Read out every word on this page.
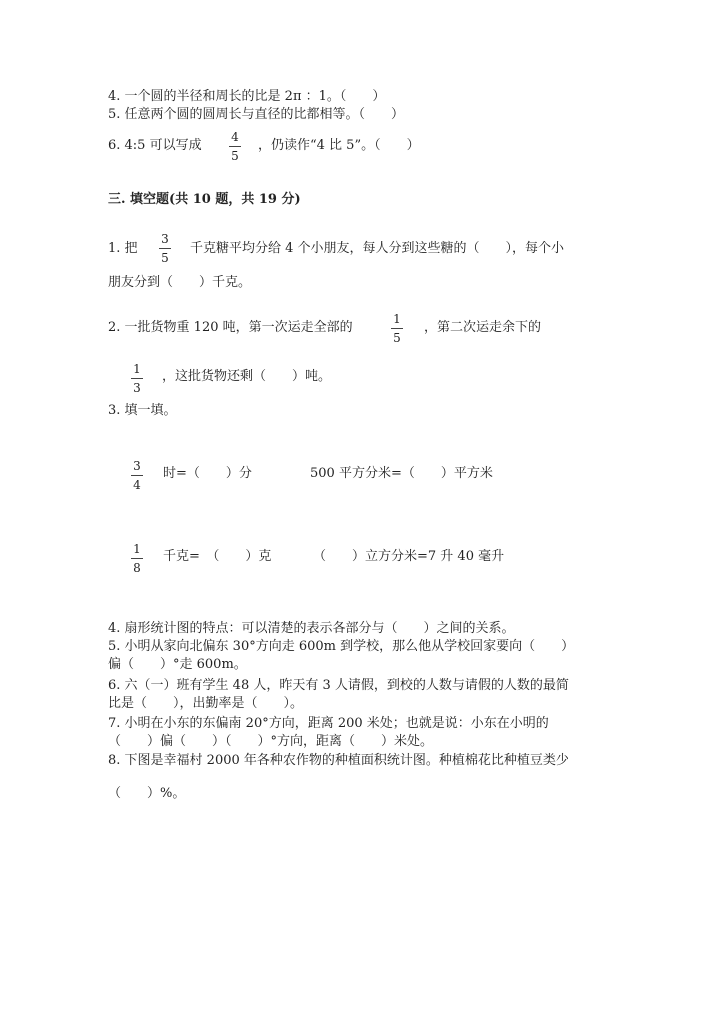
4. 一个圆的半径和周长的比是 2π ：1。（　　）
5. 任意两个圆的圆周长与直径的比都相等。（　　）
6. 4:5 可以写成
4
5
，仍读作“4 比 5”。（　　）
三. 填空题(共 10 题，共 19 分)
1. 把
3
5
千克糖平均分给 4 个小朋友，每人分到这些糖的（　　），每个小
朋友分到（　　）千克。
2. 一批货物重 120 吨，第一次运走全部的
1
5
，第二次运走余下的
1
3
，这批货物还剩（　　）吨。
3. 填一填。
3
4
时=（　　）分	500 平方分米=（　　）平方米
1
8
千克=　（　　）克	（　　）立方分米=7 升 40 毫升
4. 扇形统计图的特点：可以清楚的表示各部分与（　　）之间的关系。
5. 小明从家向北偏东 30°方向走 600m 到学校，那么他从学校回家要向（　　）
偏（　　）°走 600m。
6. 六（一）班有学生 48 人，昨天有 3 人请假，到校的人数与请假的人数的最简
比是（　　），出勤率是（　　）。
7. 小明在小东的东偏南 20°方向，距离 200 米处；也就是说：小东在小明的
（　　）偏（　　）（　　）°方向，距离（　　）米处。
8. 下图是幸福村 2000 年各种农作物的种植面积统计图。种植棉花比种植豆类少
（　　）%。
